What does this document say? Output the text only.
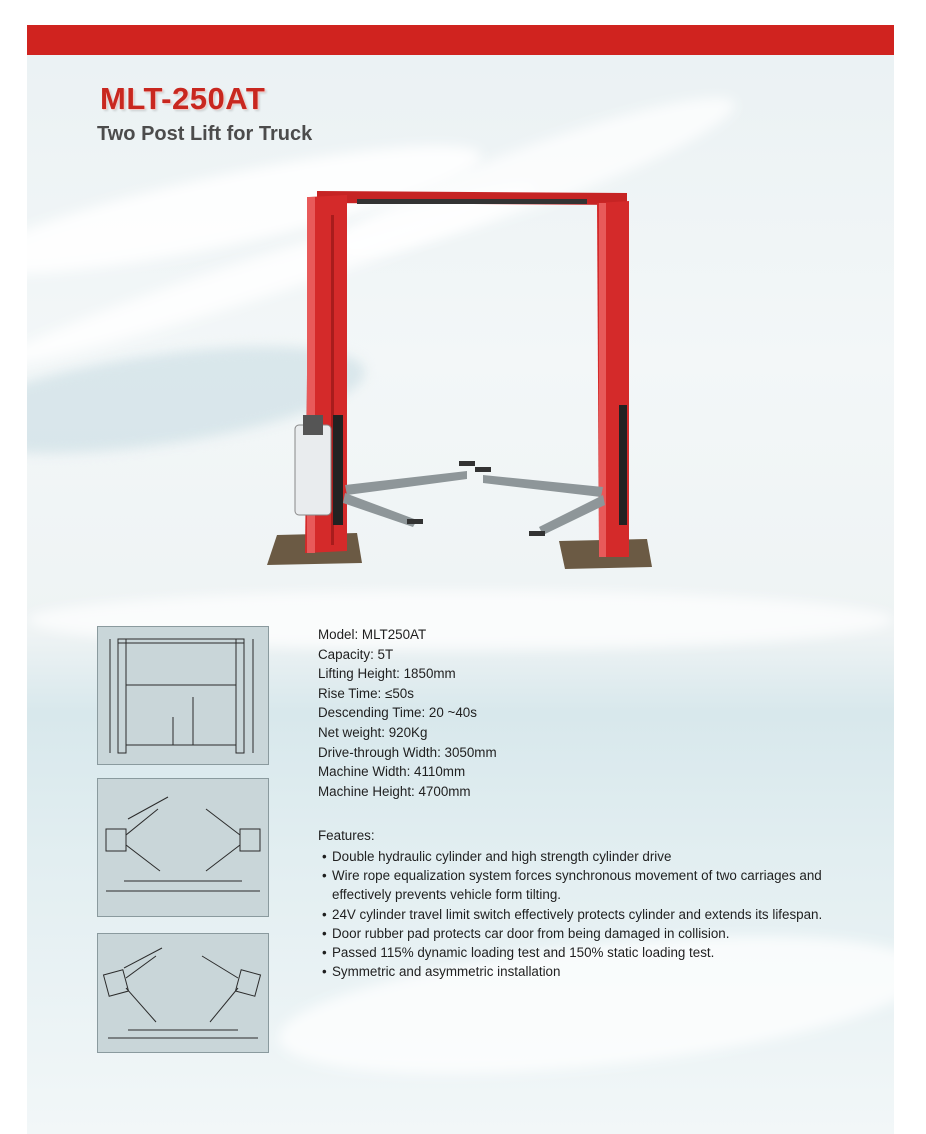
MLT-250AT
Two Post Lift for Truck
Model: MLT250AT
Capacity: 5T
Lifting Height: 1850mm
Rise Time: ≤50s
Descending Time: 20 ~40s
Net weight: 920Kg
Drive-through Width: 3050mm
Machine Width: 4110mm
Machine Height: 4700mm
Features:
• Double hydraulic cylinder and high strength cylinder drive
• Wire rope equalization system forces synchronous movement of two carriages and effectively prevents vehicle form tilting.
• 24V cylinder travel limit switch effectively protects cylinder and extends its lifespan.
• Door rubber pad protects car door from being damaged in collision.
• Passed 115% dynamic loading test and 150% static loading test.
• Symmetric and asymmetric installation
